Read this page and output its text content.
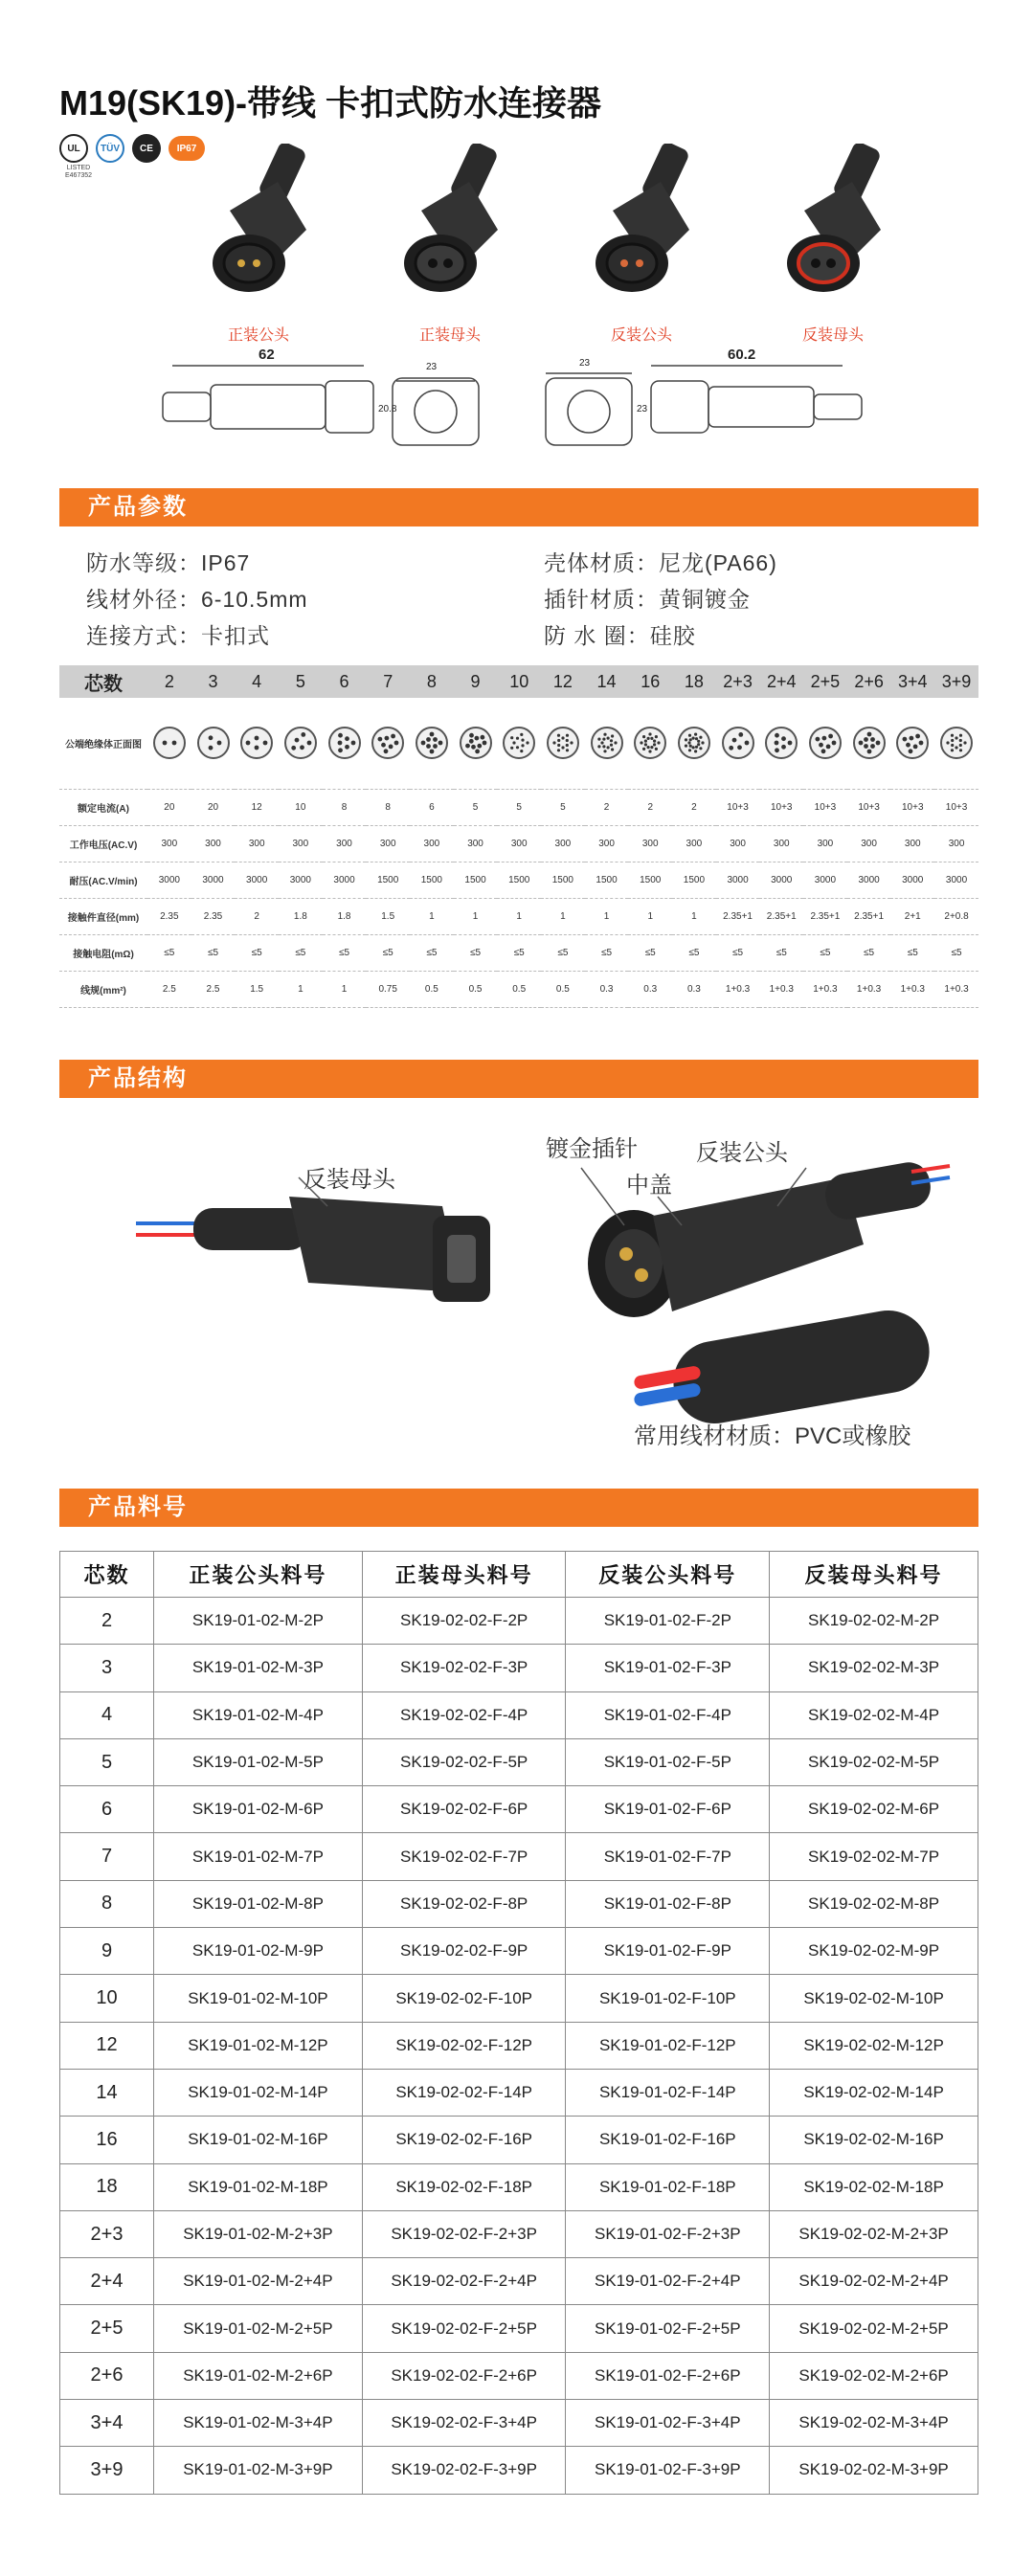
M19(SK19)-带线 卡扣式防水连接器
UL
LISTED E467352
TÜV	CE	IP67
正装公头	正装母头	反装公头	反装母头
62	60.2
23
20.8
23
23
产品参数
防水等级：IP67	壳体材质：尼龙(PA66)
线材外径：6-10.5mm	插针材质：黄铜镀金
连接方式：卡扣式	防 水 圈：硅胶
芯数	2	3	4	5	6	7	8	9	10	12	14	16	18	2+3	2+4	2+5	2+6	3+4	3+9
公端绝缘体正面图	

额定电流(A)	20	20	12	10	8	8	6	5	5	5	2	2	2	10+3	10+3	10+3	10+3	10+3	10+3
工作电压(AC.V)	300	300	300	300	300	300	300	300	300	300	300	300	300	300	300	300	300	300	300
耐压(AC.V/min)	3000	3000	3000	3000	3000	1500	1500	1500	1500	1500	1500	1500	1500	3000	3000	3000	3000	3000	3000
接触件直径(mm)	2.35	2.35	2	1.8	1.8	1.5	1	1	1	1	1	1	1	2.35+1	2.35+1	2.35+1	2.35+1	2+1	2+0.8
接触电阻(mΩ)	≤5	≤5	≤5	≤5	≤5	≤5	≤5	≤5	≤5	≤5	≤5	≤5	≤5	≤5	≤5	≤5	≤5	≤5	≤5
线规(mm²)	2.5	2.5	1.5	1	1	0.75	0.5	0.5	0.5	0.5	0.3	0.3	0.3	1+0.3	1+0.3	1+0.3	1+0.3	1+0.3	1+0.3
产品结构
反装母头
镀金插针
中盖
反装公头
常用线材材质：PVC或橡胶
产品料号
芯数	正装公头料号	正装母头料号	反装公头料号	反装母头料号
2	SK19-01-02-M-2P	SK19-02-02-F-2P	SK19-01-02-F-2P	SK19-02-02-M-2P
3	SK19-01-02-M-3P	SK19-02-02-F-3P	SK19-01-02-F-3P	SK19-02-02-M-3P
4	SK19-01-02-M-4P	SK19-02-02-F-4P	SK19-01-02-F-4P	SK19-02-02-M-4P
5	SK19-01-02-M-5P	SK19-02-02-F-5P	SK19-01-02-F-5P	SK19-02-02-M-5P
6	SK19-01-02-M-6P	SK19-02-02-F-6P	SK19-01-02-F-6P	SK19-02-02-M-6P
7	SK19-01-02-M-7P	SK19-02-02-F-7P	SK19-01-02-F-7P	SK19-02-02-M-7P
8	SK19-01-02-M-8P	SK19-02-02-F-8P	SK19-01-02-F-8P	SK19-02-02-M-8P
9	SK19-01-02-M-9P	SK19-02-02-F-9P	SK19-01-02-F-9P	SK19-02-02-M-9P
10	SK19-01-02-M-10P	SK19-02-02-F-10P	SK19-01-02-F-10P	SK19-02-02-M-10P
12	SK19-01-02-M-12P	SK19-02-02-F-12P	SK19-01-02-F-12P	SK19-02-02-M-12P
14	SK19-01-02-M-14P	SK19-02-02-F-14P	SK19-01-02-F-14P	SK19-02-02-M-14P
16	SK19-01-02-M-16P	SK19-02-02-F-16P	SK19-01-02-F-16P	SK19-02-02-M-16P
18	SK19-01-02-M-18P	SK19-02-02-F-18P	SK19-01-02-F-18P	SK19-02-02-M-18P
2+3	SK19-01-02-M-2+3P	SK19-02-02-F-2+3P	SK19-01-02-F-2+3P	SK19-02-02-M-2+3P
2+4	SK19-01-02-M-2+4P	SK19-02-02-F-2+4P	SK19-01-02-F-2+4P	SK19-02-02-M-2+4P
2+5	SK19-01-02-M-2+5P	SK19-02-02-F-2+5P	SK19-01-02-F-2+5P	SK19-02-02-M-2+5P
2+6	SK19-01-02-M-2+6P	SK19-02-02-F-2+6P	SK19-01-02-F-2+6P	SK19-02-02-M-2+6P
3+4	SK19-01-02-M-3+4P	SK19-02-02-F-3+4P	SK19-01-02-F-3+4P	SK19-02-02-M-3+4P
3+9	SK19-01-02-M-3+9P	SK19-02-02-F-3+9P	SK19-01-02-F-3+9P	SK19-02-02-M-3+9P
